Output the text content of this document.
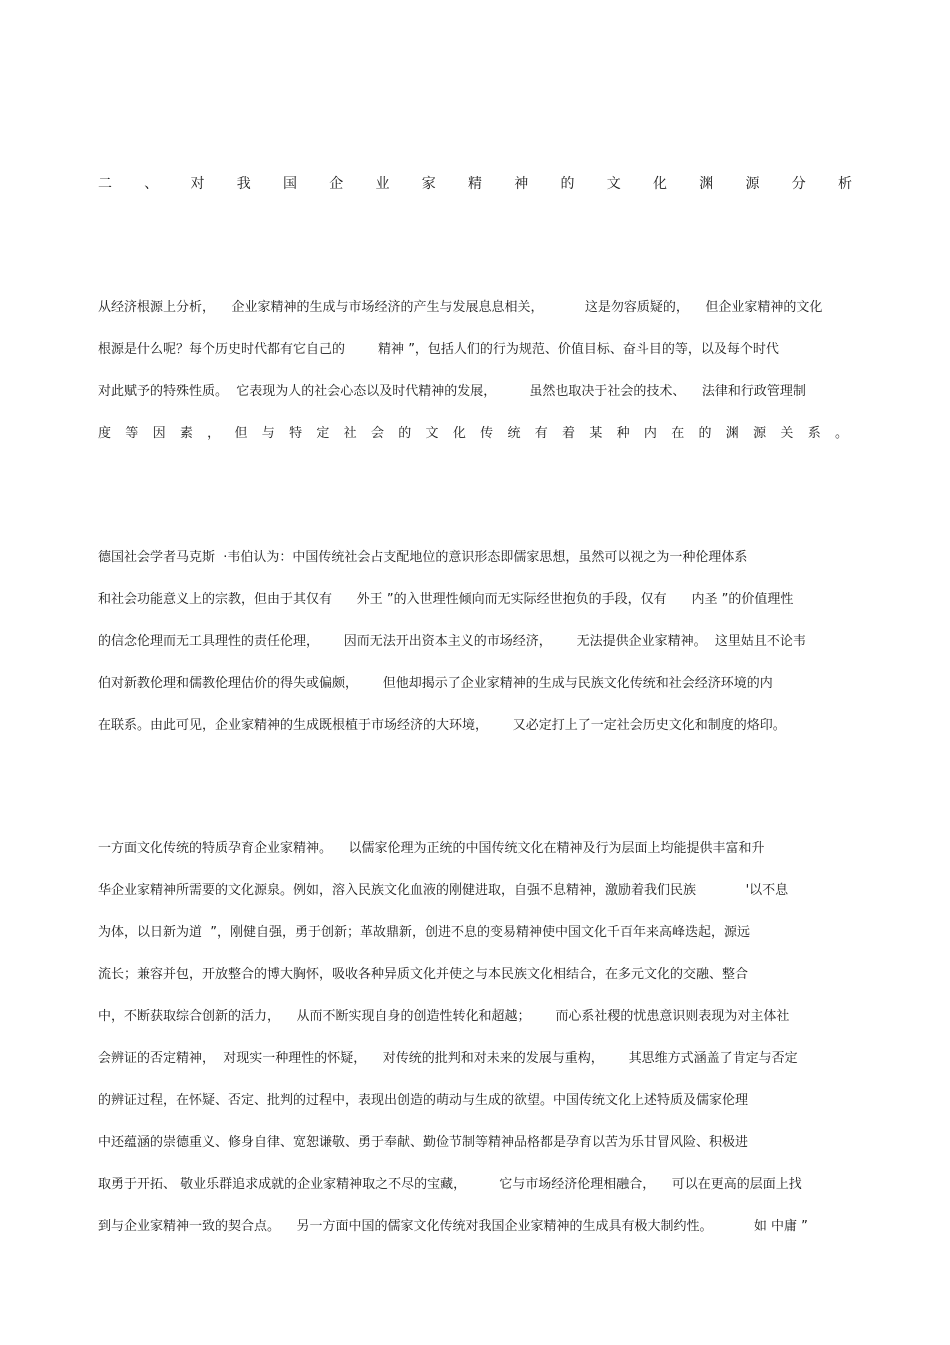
二 、 对 我 国 企 业 家 精 神 的 文 化 渊 源 分 析
从经济根源上分析，    企业家精神的生成与市场经济的产生与发展息息相关，          这是勿容质疑的，    但企业家精神的文化
根源是什么呢？每个历史时代都有它自己的        精神 ”，包括人们的行为规范、价值目标、奋斗目的等，以及每个时代
对此赋予的特殊性质。  它表现为人的社会心态以及时代精神的发展，        虽然也取决于社会的技术、    法律和行政管理制
度 等 因 素 ， 但 与 特 定 社 会 的 文 化 传 统 有 着 某 种 内 在 的 渊 源 关 系 。
德国社会学者马克斯  ·韦伯认为：中国传统社会占支配地位的意识形态即儒家思想，虽然可以视之为一种伦理体系
和社会功能意义上的宗教，但由于其仅有      外王 ”的入世理性倾向而无实际经世抱负的手段，仅有      内圣 ”的价值理性
的信念伦理而无工具理性的责任伦理，      因而无法开出资本主义的市场经济，      无法提供企业家精神。  这里姑且不论韦
伯对新教伦理和儒教伦理估价的得失或偏颇，      但他却揭示了企业家精神的生成与民族文化传统和社会经济环境的内
在联系。由此可见，企业家精神的生成既根植于市场经济的大环境，      又必定打上了一定社会历史文化和制度的烙印。
一方面文化传统的特质孕育企业家精神。    以儒家伦理为正统的中国传统文化在精神及行为层面上均能提供丰富和升
华企业家精神所需要的文化源泉。例如，溶入民族文化血液的刚健进取，自强不息精神，激励着我们民族            '以不息
为体，以日新为道  ”，刚健自强，勇于创新；革故鼎新，创进不息的变易精神使中国文化千百年来高峰迭起，源远
流长；兼容并包，开放整合的博大胸怀，吸收各种异质文化并使之与本民族文化相结合，在多元文化的交融、整合
中，不断获取综合创新的活力，    从而不断实现自身的创造性转化和超越；      而心系社稷的忧患意识则表现为对主体社
会辨证的否定精神，  对现实一种理性的怀疑，    对传统的批判和对未来的发展与重构，      其思维方式涵盖了肯定与否定
的辨证过程，在怀疑、否定、批判的过程中，表现出创造的萌动与生成的欲望。中国传统文化上述特质及儒家伦理
中还蕴涵的崇德重义、修身自律、宽恕谦敬、勇于奉献、勤俭节制等精神品格都是孕育以苦为乐甘冒风险、积极进
取勇于开拓、 敬业乐群追求成就的企业家精神取之不尽的宝藏，        它与市场经济伦理相融合，    可以在更高的层面上找
到与企业家精神一致的契合点。    另一方面中国的儒家文化传统对我国企业家精神的生成具有极大制约性。          如 中庸 ”
